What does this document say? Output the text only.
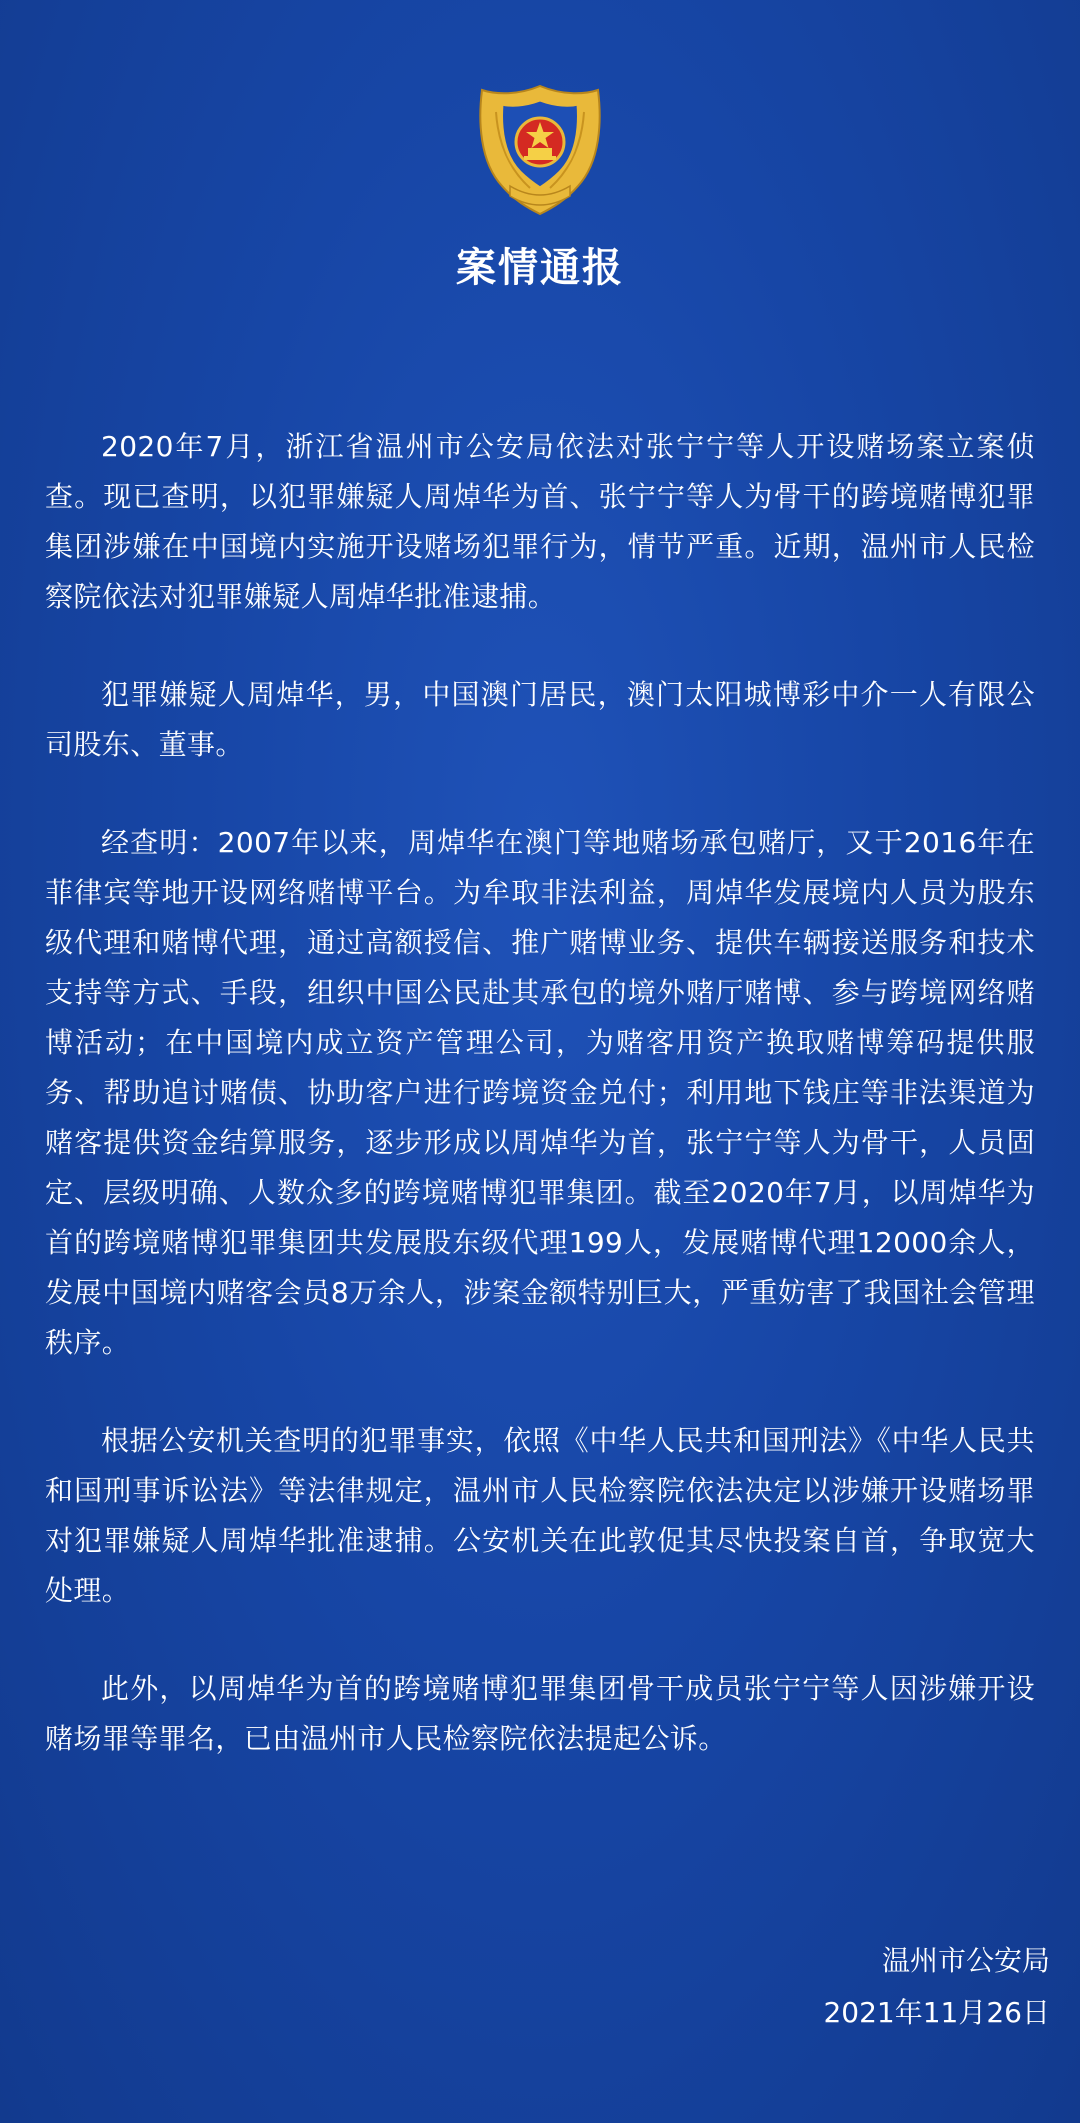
案情通报

2020年7月，浙江省温州市公安局依法对张宁宁等人开设赌场案立案侦查。现已查明，以犯罪嫌疑人周焯华为首、张宁宁等人为骨干的跨境赌博犯罪集团涉嫌在中国境内实施开设赌场犯罪行为，情节严重。近期，温州市人民检察院依法对犯罪嫌疑人周焯华批准逮捕。

犯罪嫌疑人周焯华，男，中国澳门居民，澳门太阳城博彩中介一人有限公司股东、董事。

经查明：2007年以来，周焯华在澳门等地赌场承包赌厅，又于2016年在菲律宾等地开设网络赌博平台。为牟取非法利益，周焯华发展境内人员为股东级代理和赌博代理，通过高额授信、推广赌博业务、提供车辆接送服务和技术支持等方式、手段，组织中国公民赴其承包的境外赌厅赌博、参与跨境网络赌博活动；在中国境内成立资产管理公司，为赌客用资产换取赌博筹码提供服务、帮助追讨赌债、协助客户进行跨境资金兑付；利用地下钱庄等非法渠道为赌客提供资金结算服务，逐步形成以周焯华为首，张宁宁等人为骨干，人员固定、层级明确、人数众多的跨境赌博犯罪集团。截至2020年7月，以周焯华为首的跨境赌博犯罪集团共发展股东级代理199人，发展赌博代理12000余人，发展中国境内赌客会员8万余人，涉案金额特别巨大，严重妨害了我国社会管理秩序。

根据公安机关查明的犯罪事实，依照《中华人民共和国刑法》《中华人民共和国刑事诉讼法》等法律规定，温州市人民检察院依法决定以涉嫌开设赌场罪对犯罪嫌疑人周焯华批准逮捕。公安机关在此敦促其尽快投案自首，争取宽大处理。

此外，以周焯华为首的跨境赌博犯罪集团骨干成员张宁宁等人因涉嫌开设赌场罪等罪名，已由温州市人民检察院依法提起公诉。

温州市公安局
2021年11月26日
